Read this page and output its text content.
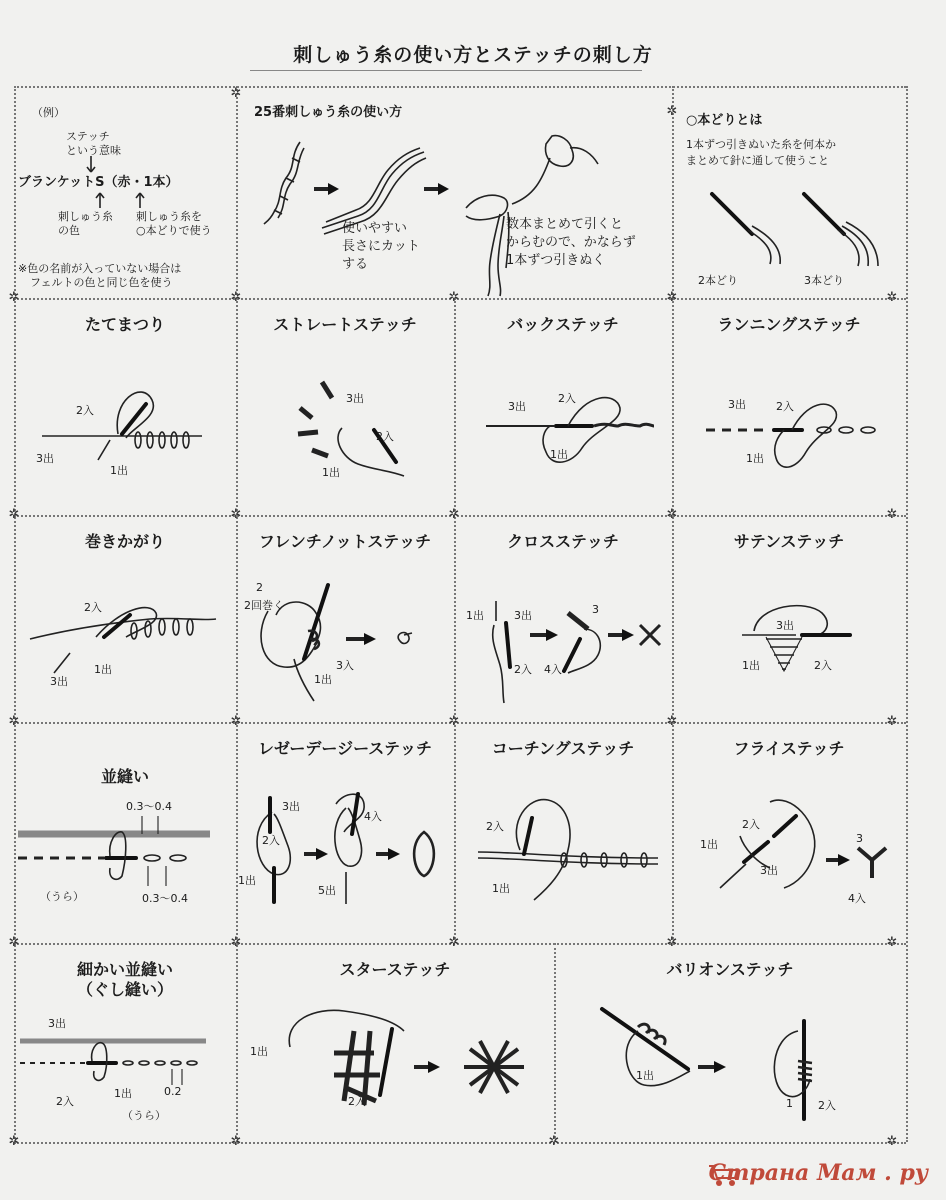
刺しゅう糸の使い方とステッチの刺し方
✲
✲
✲	✲	✲	✲	✲
✲	✲	✲	✲	✲
✲	✲	✲	✲	✲
✲	✲	✲	✲	✲
✲	✲	✲	✲
（例）
ステッチ
という意味
ブランケットS（赤・1本）
刺しゅう糸
の色
刺しゅう糸を
○本どりで使う
※色の名前が入っていない場合は
フェルトの色と同じ色を使う
25番刺しゅう糸の使い方
使いやすい
長さにカット
する
数本まとめて引くと
からむので、かならず
1本ずつ引きぬく
○本どりとは
1本ずつ引きぬいた糸を何本か
まとめて針に通して使うこと
2本どり	3本どり
たてまつり
2入
3出
1出
ストレートステッチ
3出
2入
1出
バックステッチ
3出
2入
1出
ランニングステッチ
3出	2入
1出
巻きかがり
2入
1出
3出
フレンチノットステッチ
2
2回巻く
3入
1出
クロスステッチ
1出	3出
2入
3
4入
サテンステッチ
3出
1出	2入
並縫い
0.3～0.4
0.3～0.4
（うら）
レゼーデージーステッチ
3出
2入
1出
4入
5出
コーチングステッチ
2入
1出
フライステッチ
2入
1出
3出
3
4入
細かい並縫い
（ぐし縫い）
3出
2入
1出	0.2
（うら）
スターステッチ
1出
2入
バリオンステッチ
1出
1 2入
Страна Мам . ру
